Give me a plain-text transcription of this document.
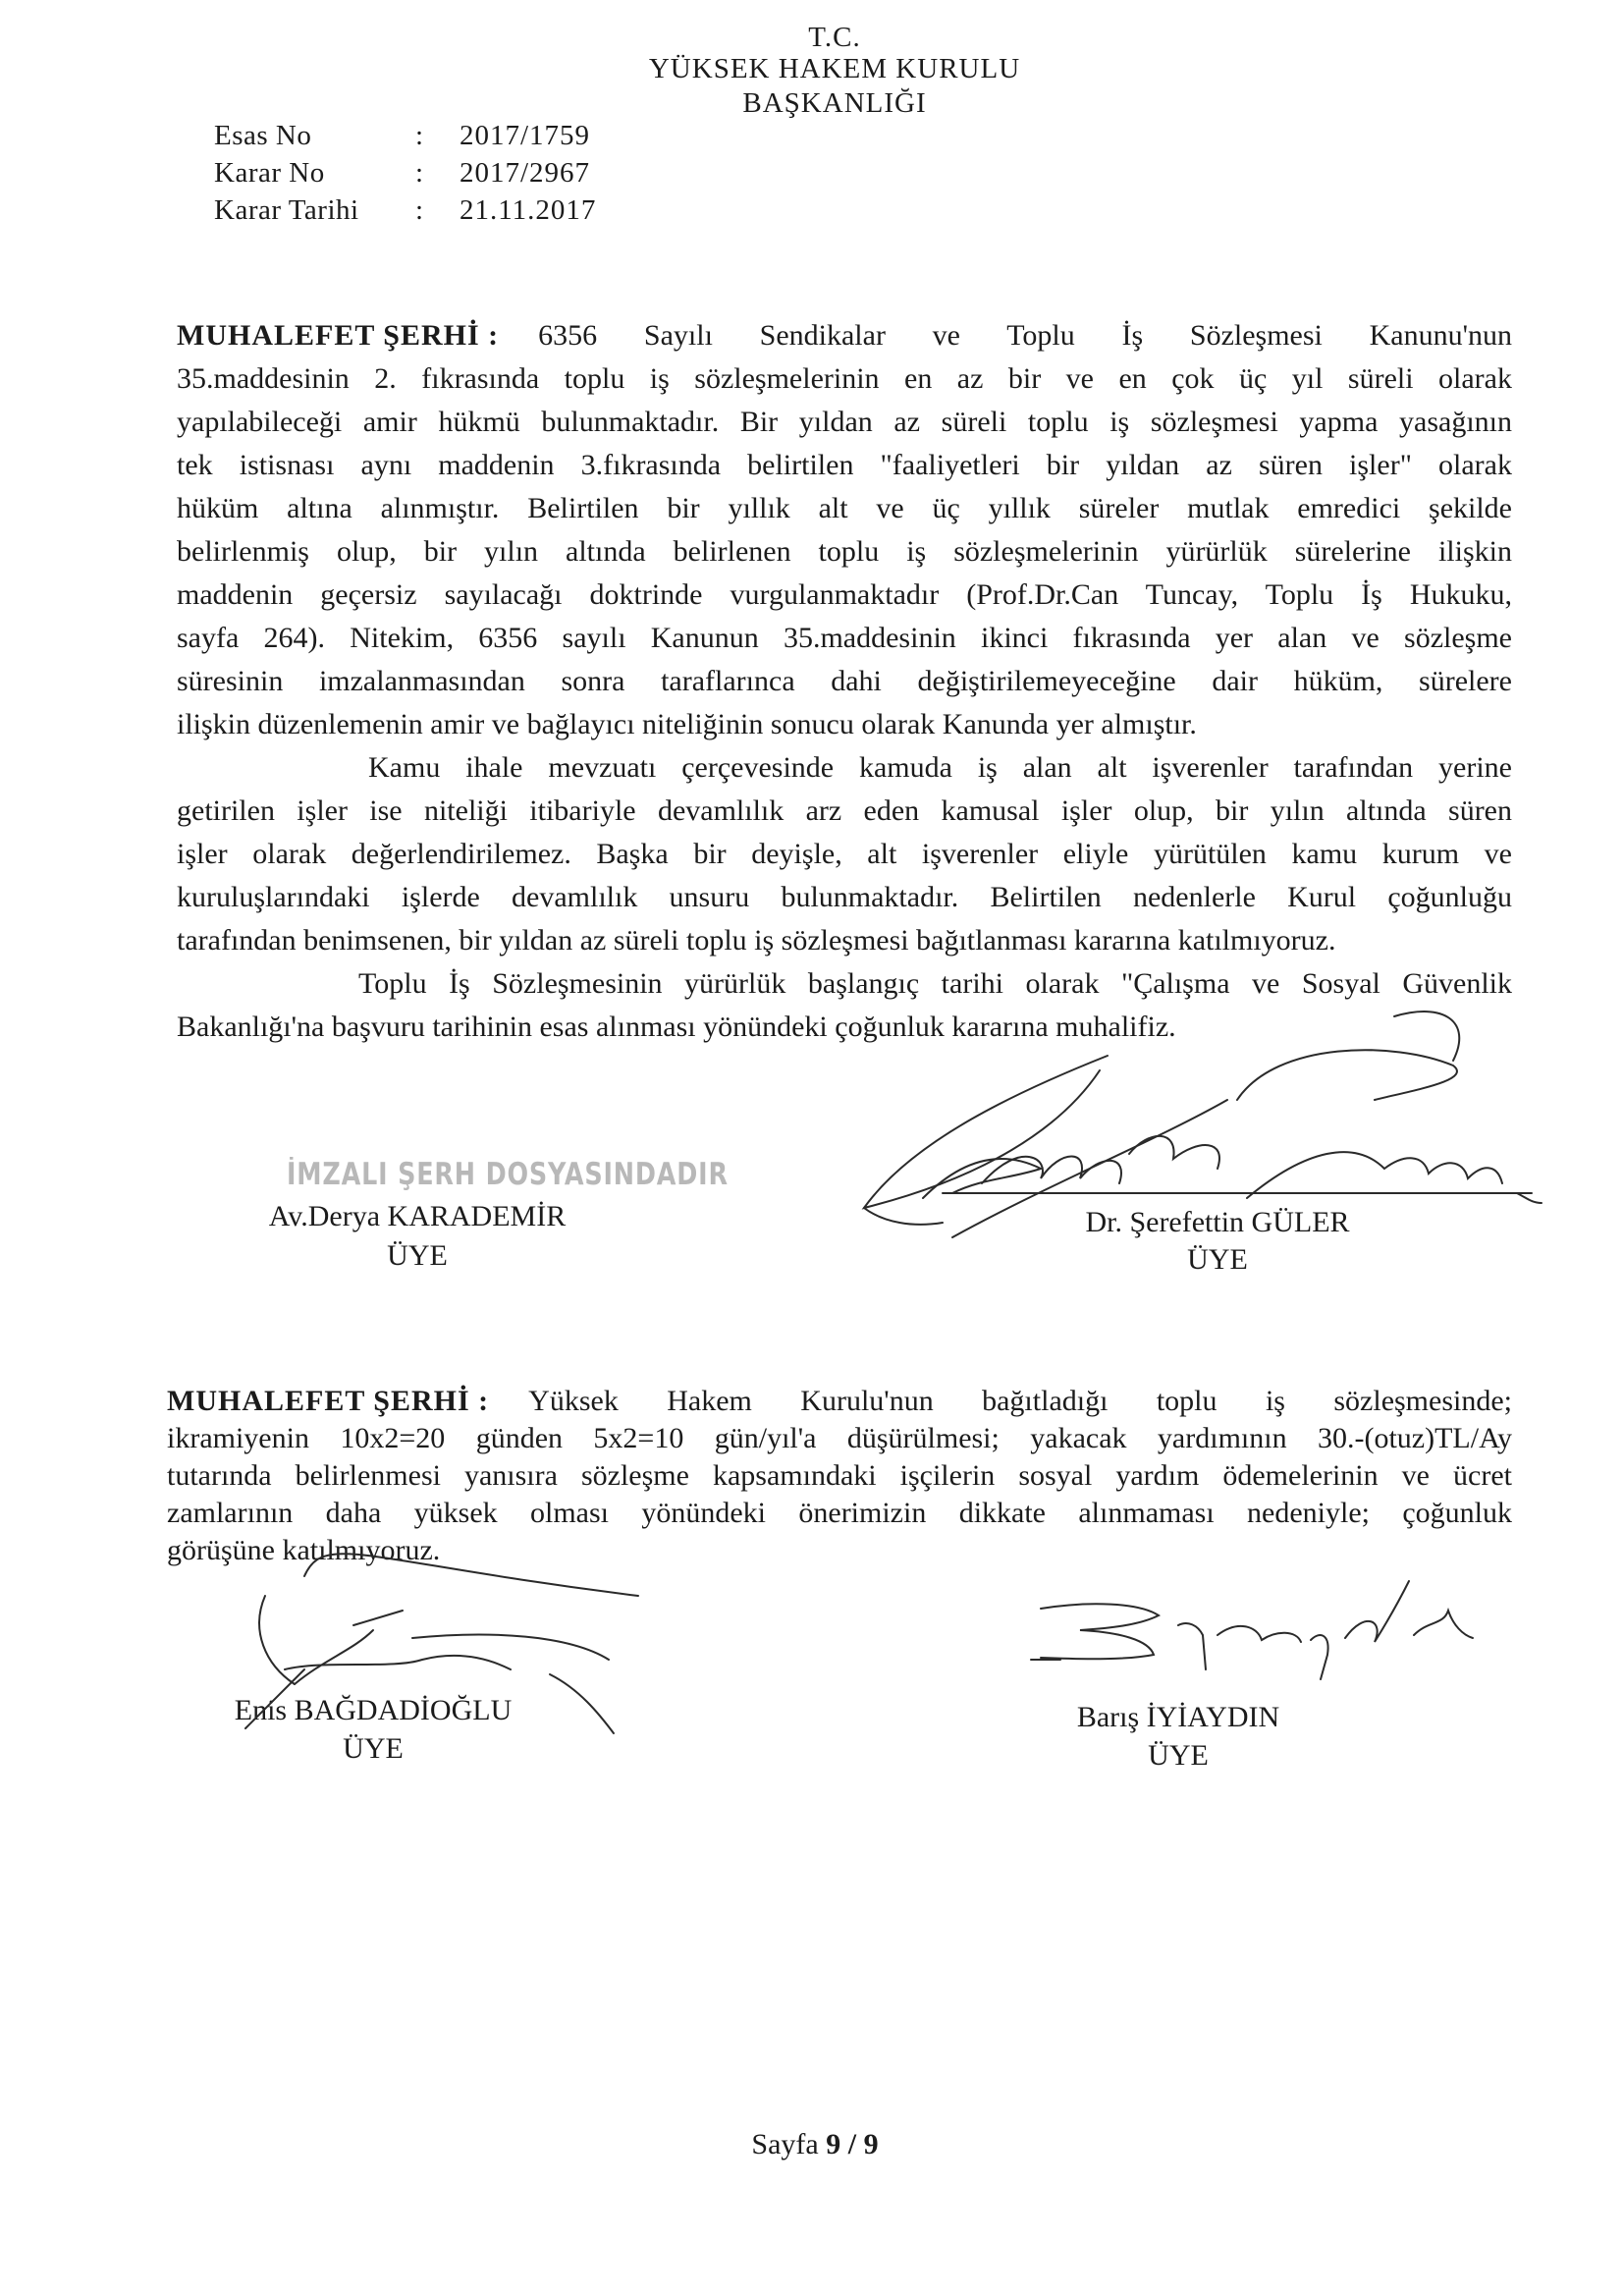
T.C.
YÜKSEK HAKEM KURULU
BAŞKANLIĞI
Esas No	: 2017/1759
Karar No	: 2017/2967
Karar Tarihi : 21.11.2017
MUHALEFET ŞERHİ : 6356 Sayılı Sendikalar ve Toplu İş Sözleşmesi Kanunu'nun
35.maddesinin 2. fıkrasında toplu iş sözleşmelerinin en az bir ve en çok üç yıl süreli olarak
yapılabileceği amir hükmü bulunmaktadır. Bir yıldan az süreli toplu iş sözleşmesi yapma yasağının
tek istisnası aynı maddenin 3.fıkrasında belirtilen "faaliyetleri bir yıldan az süren işler" olarak
hüküm altına alınmıştır. Belirtilen bir yıllık alt ve üç yıllık süreler mutlak emredici şekilde
belirlenmiş olup, bir yılın altında belirlenen toplu iş sözleşmelerinin yürürlük sürelerine ilişkin
maddenin geçersiz sayılacağı doktrinde vurgulanmaktadır (Prof.Dr.Can Tuncay, Toplu İş Hukuku,
sayfa 264). Nitekim, 6356 sayılı Kanunun 35.maddesinin ikinci fıkrasında yer alan ve sözleşme
süresinin imzalanmasından sonra taraflarınca dahi değiştirilemeyeceğine dair hüküm, sürelere
ilişkin düzenlemenin amir ve bağlayıcı niteliğinin sonucu olarak Kanunda yer almıştır.
Kamu ihale mevzuatı çerçevesinde kamuda iş alan alt işverenler tarafından yerine
getirilen işler ise niteliği itibariyle devamlılık arz eden kamusal işler olup, bir yılın altında süren
işler olarak değerlendirilemez. Başka bir deyişle, alt işverenler eliyle yürütülen kamu kurum ve
kuruluşlarındaki işlerde devamlılık unsuru bulunmaktadır. Belirtilen nedenlerle Kurul çoğunluğu
tarafından benimsenen, bir yıldan az süreli toplu iş sözleşmesi bağıtlanması kararına katılmıyoruz.
Toplu İş Sözleşmesinin yürürlük başlangıç tarihi olarak "Çalışma ve Sosyal Güvenlik
Bakanlığı'na başvuru tarihinin esas alınması yönündeki çoğunluk kararına muhalifiz.
İMZALI ŞERH DOSYASINDADIR
Av.Derya KARADEMİR
ÜYE
Dr. Şerefettin GÜLER
ÜYE
MUHALEFET ŞERHİ : Yüksek Hakem Kurulu'nun bağıtladığı toplu iş sözleşmesinde;
ikramiyenin 10x2=20 günden 5x2=10 gün/yıl'a düşürülmesi; yakacak yardımının 30.-(otuz)TL/Ay
tutarında belirlenmesi yanısıra sözleşme kapsamındaki işçilerin sosyal yardım ödemelerinin ve ücret
zamlarının daha yüksek olması yönündeki önerimizin dikkate alınmaması nedeniyle; çoğunluk
görüşüne katılmıyoruz.
Enis BAĞDADİOĞLU
ÜYE
Barış İYİAYDIN
ÜYE
Sayfa 9 / 9
